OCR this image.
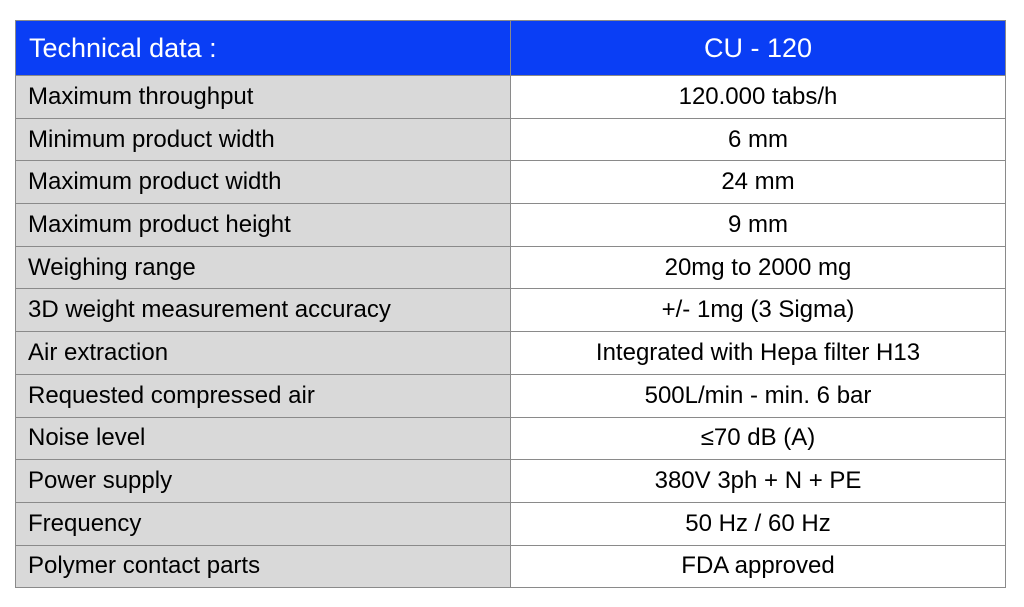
Technical data :	CU - 120
Maximum throughput	120.000 tabs/h
Minimum product width	6 mm
Maximum product width	24 mm
Maximum product height	9 mm
Weighing range	20mg to 2000 mg
3D weight measurement accuracy	+/- 1mg (3 Sigma)
Air extraction	Integrated with Hepa filter H13
Requested compressed air	500L/min - min. 6 bar
Noise level	≤70 dB (A)
Power supply	380V 3ph + N + PE
Frequency	50 Hz / 60 Hz
Polymer contact parts	FDA approved
